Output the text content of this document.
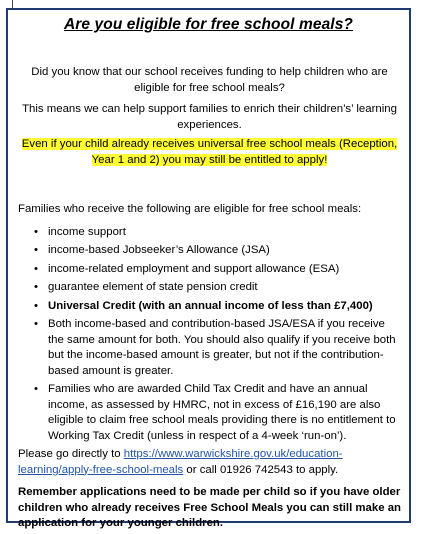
Are you eligible for free school meals?

Did you know that our school receives funding to help children who are eligible for free school meals?

This means we can help support families to enrich their children’s’ learning experiences.

Even if your child already receives universal free school meals (Reception, Year 1 and 2) you may still be entitled to apply!

Families who receive the following are eligible for free school meals:

• income support
• income-based Jobseeker’s Allowance (JSA)
• income-related employment and support allowance (ESA)
• guarantee element of state pension credit
• Universal Credit (with an annual income of less than £7,400)
• Both income-based and contribution-based JSA/ESA if you receive the same amount for both. You should also qualify if you receive both but the income-based amount is greater, but not if the contribution-based amount is greater.
• Families who are awarded Child Tax Credit and have an annual income, as assessed by HMRC, not in excess of £16,190 are also eligible to claim free school meals providing there is no entitlement to Working Tax Credit (unless in respect of a 4-week ‘run-on’).

Please go directly to https://www.warwickshire.gov.uk/education-learning/apply-free-school-meals or call 01926 742543 to apply.

Remember applications need to be made per child so if you have older children who already receives Free School Meals you can still make an application for your younger children.
